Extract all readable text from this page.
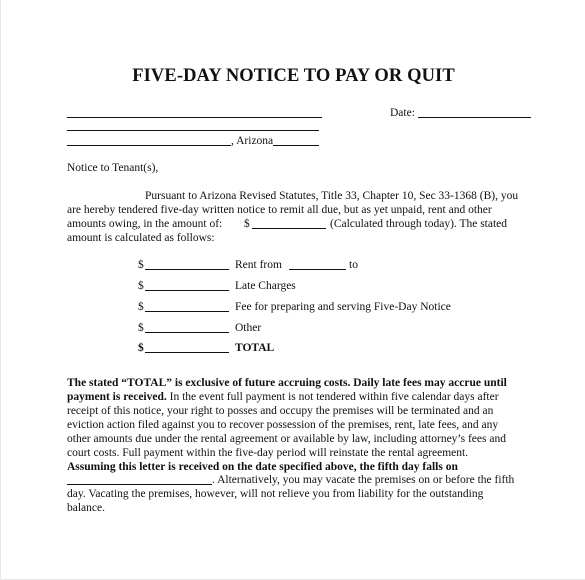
FIVE-DAY NOTICE TO PAY OR QUIT
Date:
, Arizona
Notice to Tenant(s),
Pursuant to Arizona Revised Statutes, Title 33, Chapter 10, Sec 33-1368 (B), you
are hereby tendered five-day written notice to remit all due, but as yet unpaid, rent and other
amounts owing, in the amount of: $	(Calculated through today). The stated
amount is calculated as follows:
$	Rent from	to
$	Late Charges
$	Fee for preparing and serving Five-Day Notice
$	Other
$	TOTAL
The stated “TOTAL” is exclusive of future accruing costs. Daily late fees may accrue until
payment is received. In the event full payment is not tendered within five calendar days after
receipt of this notice, your right to posses and occupy the premises will be terminated and an
eviction action filed against you to recover possession of the premises, rent, late fees, and any
other amounts due under the rental agreement or available by law, including attorney’s fees and
court costs. Full payment within the five-day period will reinstate the rental agreement.
Assuming this letter is received on the date specified above, the fifth day falls on
. Alternatively, you may vacate the premises on or before the fifth
day. Vacating the premises, however, will not relieve you from liability for the outstanding
balance.
